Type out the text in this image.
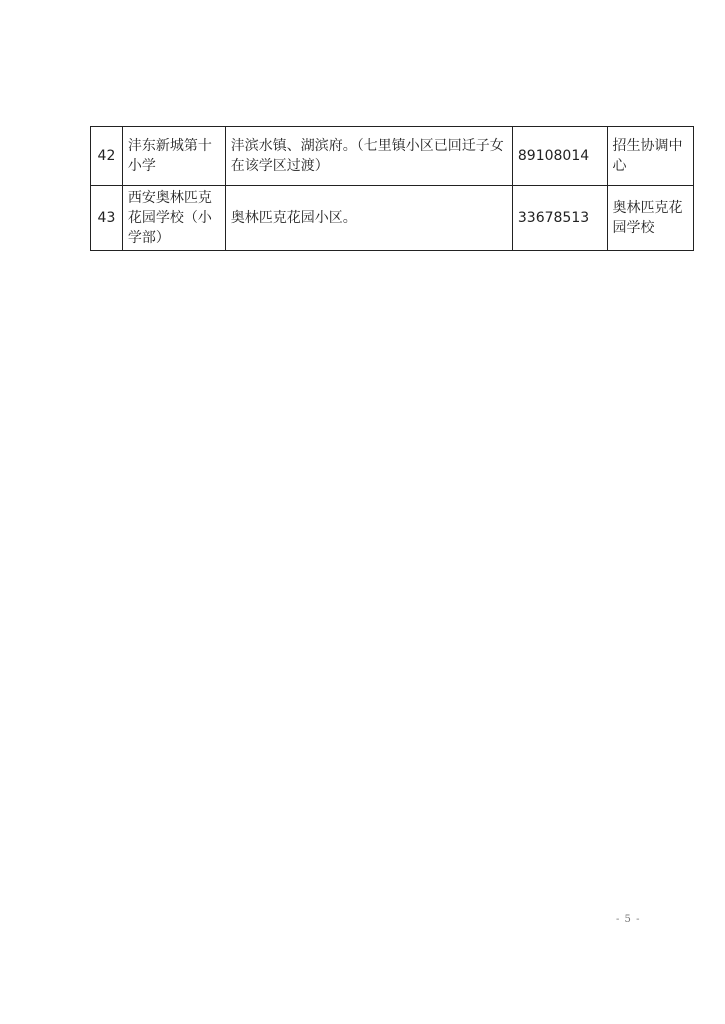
42	沣东新城第十小学	沣滨水镇、湖滨府。（七里镇小区已回迁子女在该学区过渡）	89108014	招生协调中心
43	西安奥林匹克花园学校（小学部）	奥林匹克花园小区。	33678513	奥林匹克花园学校
- 5 -
